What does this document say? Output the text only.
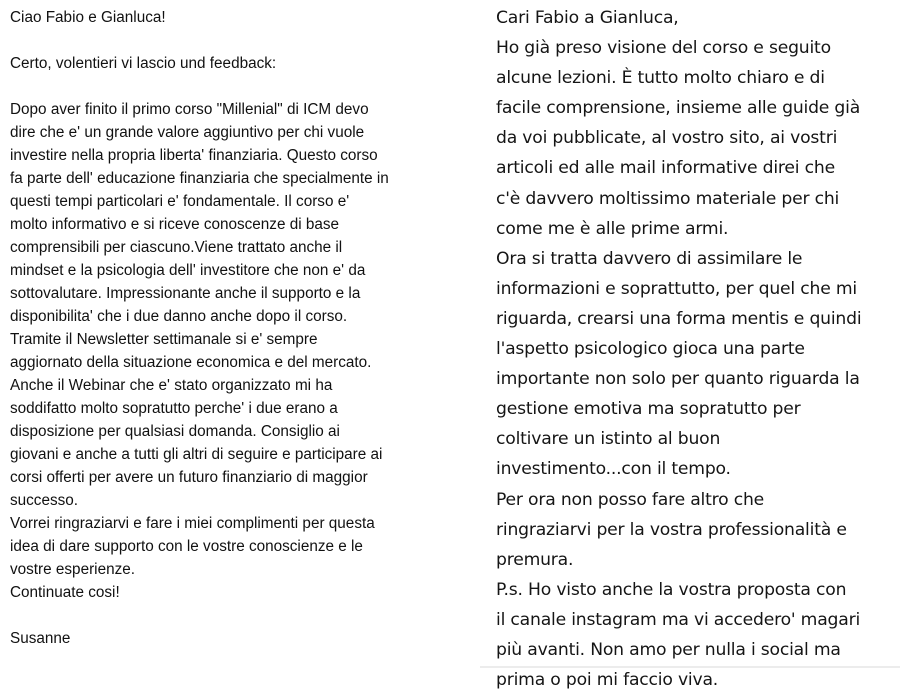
Ciao Fabio e Gianluca!
Certo, volentieri vi lascio und feedback:
Dopo aver finito il primo corso "Millenial" di ICM devo
dire che e' un grande valore aggiuntivo per chi vuole
investire nella propria liberta' finanziaria. Questo corso
fa parte dell' educazione finanziaria che specialmente in
questi tempi particolari e' fondamentale. Il corso e'
molto informativo e si riceve conoscenze di base
comprensibili per ciascuno.Viene trattato anche il
mindset e la psicologia dell' investitore che non e' da
sottovalutare. Impressionante anche il supporto e la
disponibilita' che i due danno anche dopo il corso.
Tramite il Newsletter settimanale si e' sempre
aggiornato della situazione economica e del mercato.
Anche il Webinar che e' stato organizzato mi ha
soddifatto molto sopratutto perche' i due erano a
disposizione per qualsiasi domanda. Consiglio ai
giovani e anche a tutti gli altri di seguire e participare ai
corsi offerti per avere un futuro finanziario di maggior
successo.
Vorrei ringraziarvi e fare i miei complimenti per questa
idea di dare supporto con le vostre conoscienze e le
vostre esperienze.
Continuate cosi!
Susanne
Cari Fabio a Gianluca,
Ho già preso visione del corso e seguito
alcune lezioni. È tutto molto chiaro e di
facile comprensione, insieme alle guide già
da voi pubblicate, al vostro sito, ai vostri
articoli ed alle mail informative direi che
c'è davvero moltissimo materiale per chi
come me è alle prime armi.
Ora si tratta davvero di assimilare le
informazioni e soprattutto, per quel che mi
riguarda, crearsi una forma mentis e quindi
l'aspetto psicologico gioca una parte
importante non solo per quanto riguarda la
gestione emotiva ma sopratutto per
coltivare un istinto al buon
investimento...con il tempo.
Per ora non posso fare altro che
ringraziarvi per la vostra professionalità e
premura.
P.s. Ho visto anche la vostra proposta con
il canale instagram ma vi accedero' magari
più avanti. Non amo per nulla i social ma
prima o poi mi faccio viva.
